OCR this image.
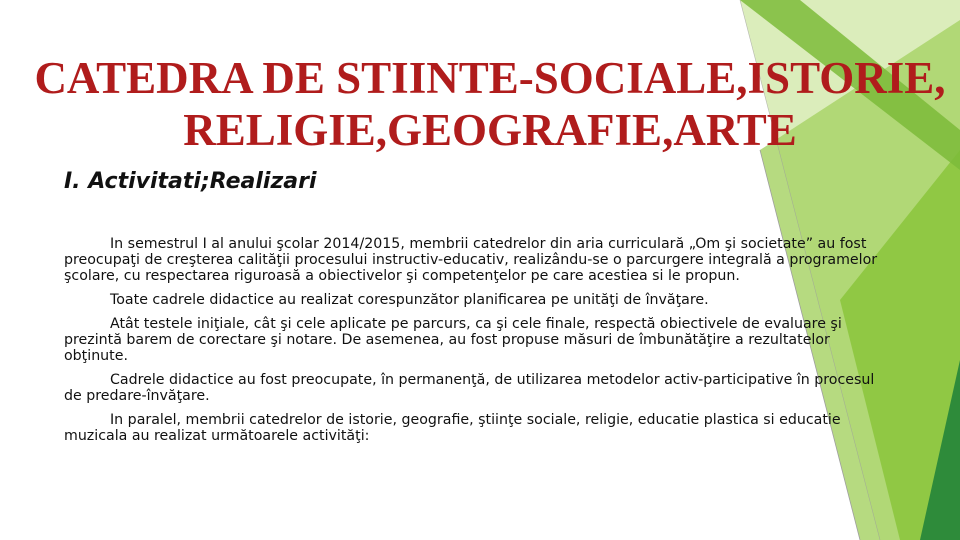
CATEDRA DE STIINTE-SOCIALE,ISTORIE,
RELIGIE,GEOGRAFIE,ARTE
I. Activitati;Realizari

In semestrul I al anului şcolar 2014/2015, membrii catedrelor din aria curriculară „Om şi societate” au fost preocupaţi de creşterea calităţii procesului instructiv-educativ, realizându-se o parcurgere integrală a programelor şcolare, cu respectarea riguroasă a obiectivelor şi competenţelor pe care acestiea si le propun.

Toate cadrele didactice au realizat corespunzător planificarea pe unităţi de învăţare.

Atât testele iniţiale, cât şi cele aplicate pe parcurs, ca şi cele finale, respectă obiectivele de evaluare şi prezintă barem de corectare şi notare. De asemenea, au fost propuse măsuri de îmbunătăţire a rezultatelor obţinute.

Cadrele didactice au fost preocupate, în permanenţă, de utilizarea metodelor activ-participative în procesul de predare-învăţare.

In paralel, membrii catedrelor de istorie, geografie, ştiinţe sociale, religie, educatie plastica si educatie muzicala au realizat următoarele activităţi:
